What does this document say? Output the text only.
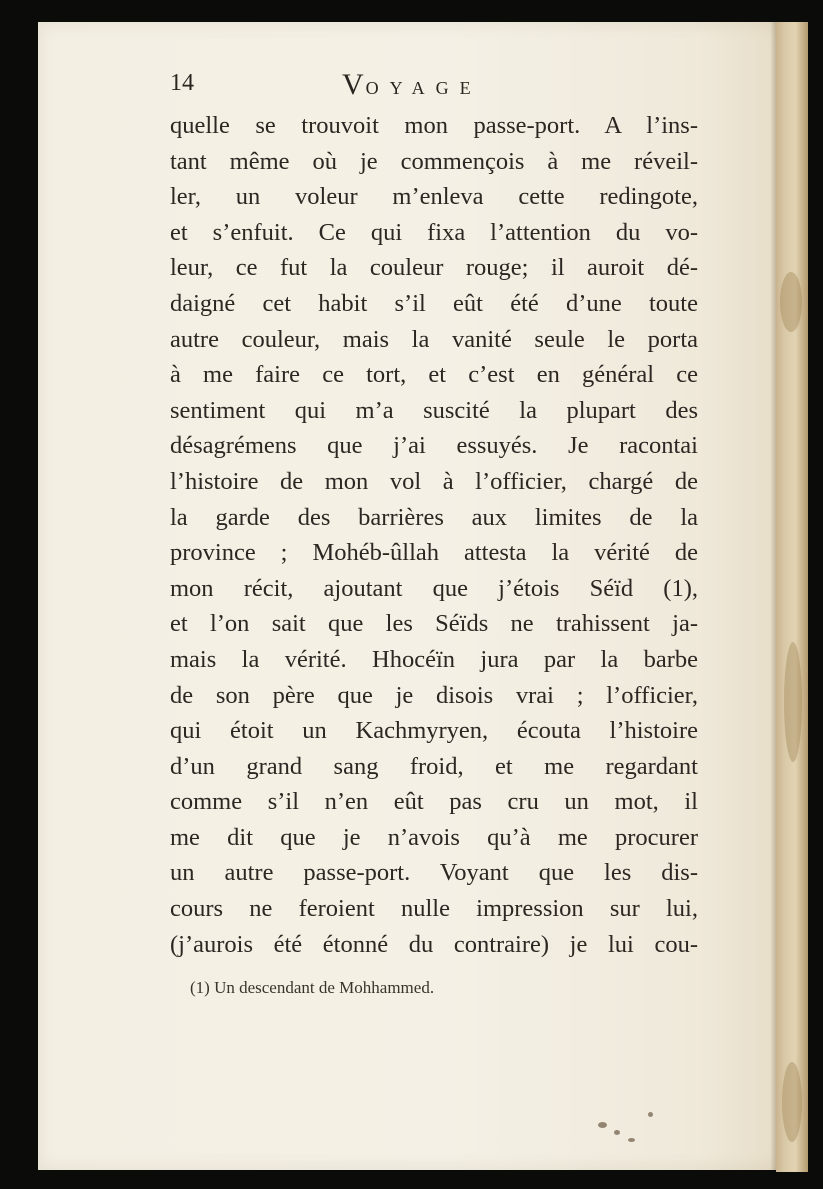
14	VOYAGE
quelle se trouvoit mon passe-port. A l’ins-
tant même où je commençois à me réveil-
ler, un voleur m’enleva cette redingote,
et s’enfuit. Ce qui fixa l’attention du vo-
leur, ce fut la couleur rouge; il auroit dé-
daigné cet habit s’il eût été d’une toute
autre couleur, mais la vanité seule le porta
à me faire ce tort, et c’est en général ce
sentiment qui m’a suscité la plupart des
désagrémens que j’ai essuyés. Je racontai
l’histoire de mon vol à l’officier, chargé de
la garde des barrières aux limites de la
province ; Mohéb-ûllah attesta la vérité de
mon récit, ajoutant que j’étois Séïd (1),
et l’on sait que les Séïds ne trahissent ja-
mais la vérité. Hhocéïn jura par la barbe
de son père que je disois vrai ; l’officier,
qui étoit un Kachmyryen, écouta l’histoire
d’un grand sang froid, et me regardant
comme s’il n’en eût pas cru un mot, il
me dit que je n’avois qu’à me procurer
un autre passe-port. Voyant que les dis-
cours ne feroient nulle impression sur lui,
(j’aurois été étonné du contraire) je lui cou-
(1) Un descendant de Mohhammed.
